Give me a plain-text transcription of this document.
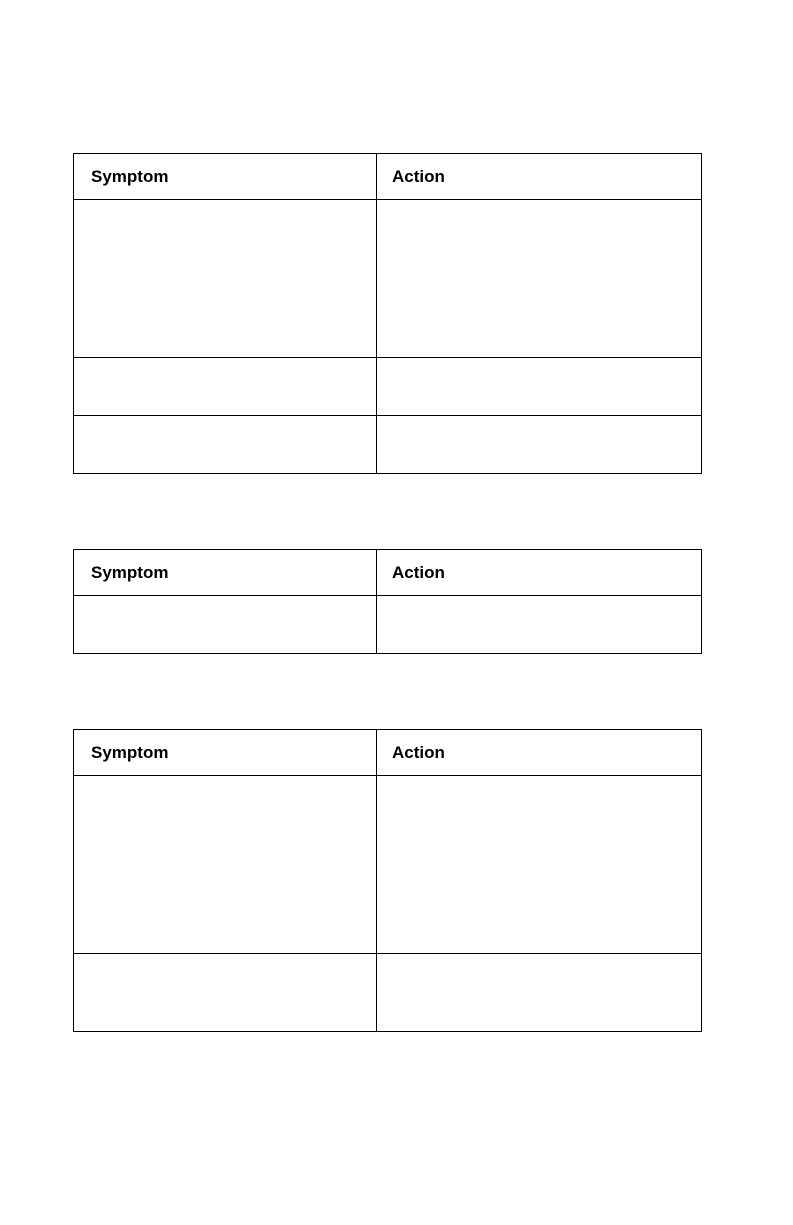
Symptom	Action

Symptom	Action

Symptom	Action
